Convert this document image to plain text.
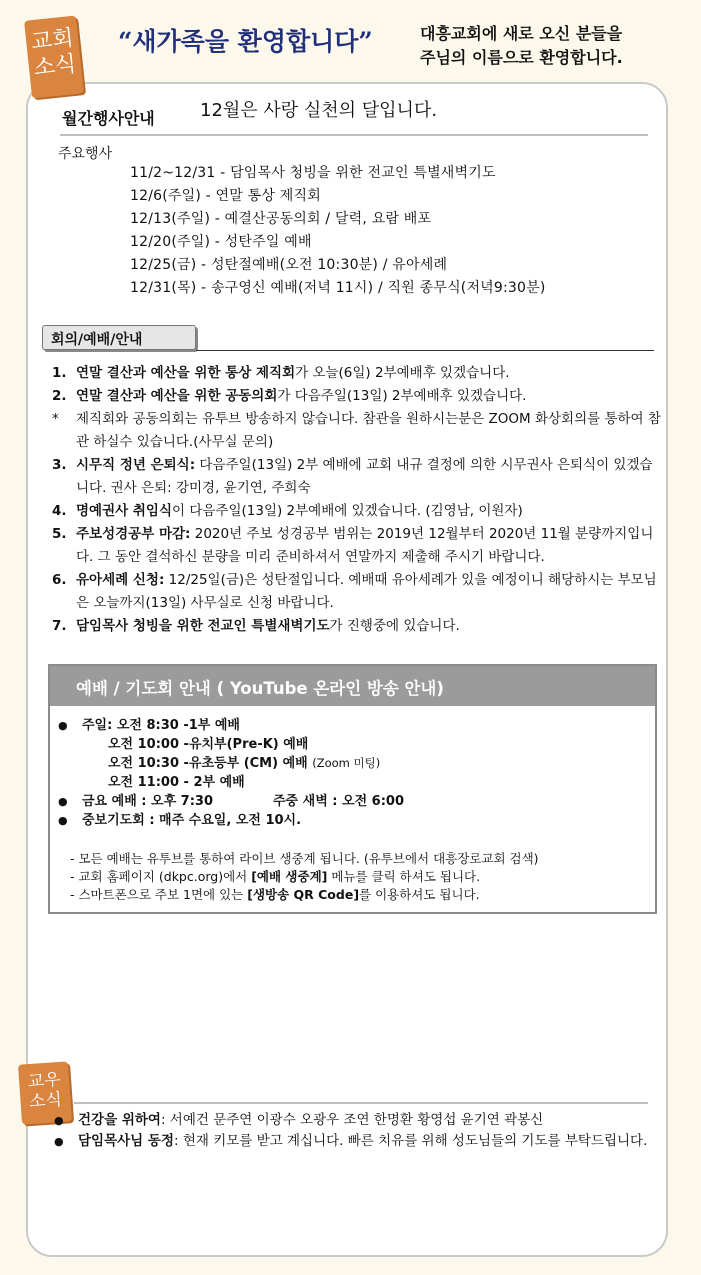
교회
소식
“새가족을 환영합니다”	대흥교회에 새로 오신 분들을
주님의 이름으로 환영합니다.
월간행사안내	12월은 사랑 실천의 달입니다.
주요행사
11/2~12/31 - 담임목사 청빙을 위한 전교인 특별새벽기도
12/6(주일) - 연말 통상 제직회
12/13(주일) - 예결산공동의회 / 달력, 요람 배포
12/20(주일) - 성탄주일 예배
12/25(금) - 성탄절예배(오전 10:30분) / 유아세례
12/31(목) - 송구영신 예배(저녁 11시) / 직원 종무식(저녁9:30분)
회의/예배/안내
1. 연말 결산과 예산을 위한 통상 제직회가 오늘(6일) 2부예배후 있겠습니다.
2. 연말 결산과 예산을 위한 공동의회가 다음주일(13일) 2부예배후 있겠습니다.
* 제직회와 공동의회는 유투브 방송하지 않습니다. 참관을 원하시는분은 ZOOM 화상회의를 통하여 참관 하실수 있습니다.(사무실 문의)
3. 시무직 정년 은퇴식: 다음주일(13일) 2부 예배에 교회 내규 결정에 의한 시무권사 은퇴식이 있겠습니다. 권사 은퇴: 강미경, 윤기연, 주희숙
4. 명예권사 취임식이 다음주일(13일) 2부예배에 있겠습니다. (김영남, 이원자)
5. 주보성경공부 마감: 2020년 주보 성경공부 범위는 2019년 12월부터 2020년 11월 분량까지입니다. 그 동안 결석하신 분량을 미리 준비하셔서 연말까지 제출해 주시기 바랍니다.
6. 유아세례 신청: 12/25일(금)은 성탄절입니다. 예배때 유아세례가 있을 예정이니 해당하시는 부모님은 오늘까지(13일) 사무실로 신청 바랍니다.
7. 담임목사 청빙을 위한 전교인 특별새벽기도가 진행중에 있습니다.
예배 / 기도회 안내 ( YouTube 온라인 방송 안내)
● 주일: 오전 8:30 -1부 예배
오전 10:00 -유치부(Pre-K) 예배
오전 10:30 -유초등부 (CM) 예배 (Zoom 미팅)
오전 11:00 - 2부 예배
● 금요 예배 : 오후 7:30	주중 새벽 : 오전 6:00
● 중보기도회 : 매주 수요일, 오전 10시.
- 모든 예배는 유투브를 통하여 라이브 생중계 됩니다. (유투브에서 대흥장로교회 검색)
- 교회 홈페이지 (dkpc.org)에서 [예배 생중계] 메뉴를 클릭 하셔도 됩니다.
- 스마트폰으로 주보 1면에 있는 [생방송 QR Code]를 이용하셔도 됩니다.
교우
소식
● 건강을 위하여: 서예건 문주연 이광수 오광우 조연 한명환 황영섭 윤기연 곽봉신
● 담임목사님 동정: 현재 키모를 받고 계십니다. 빠른 치유를 위해 성도님들의 기도를 부탁드립니다.
